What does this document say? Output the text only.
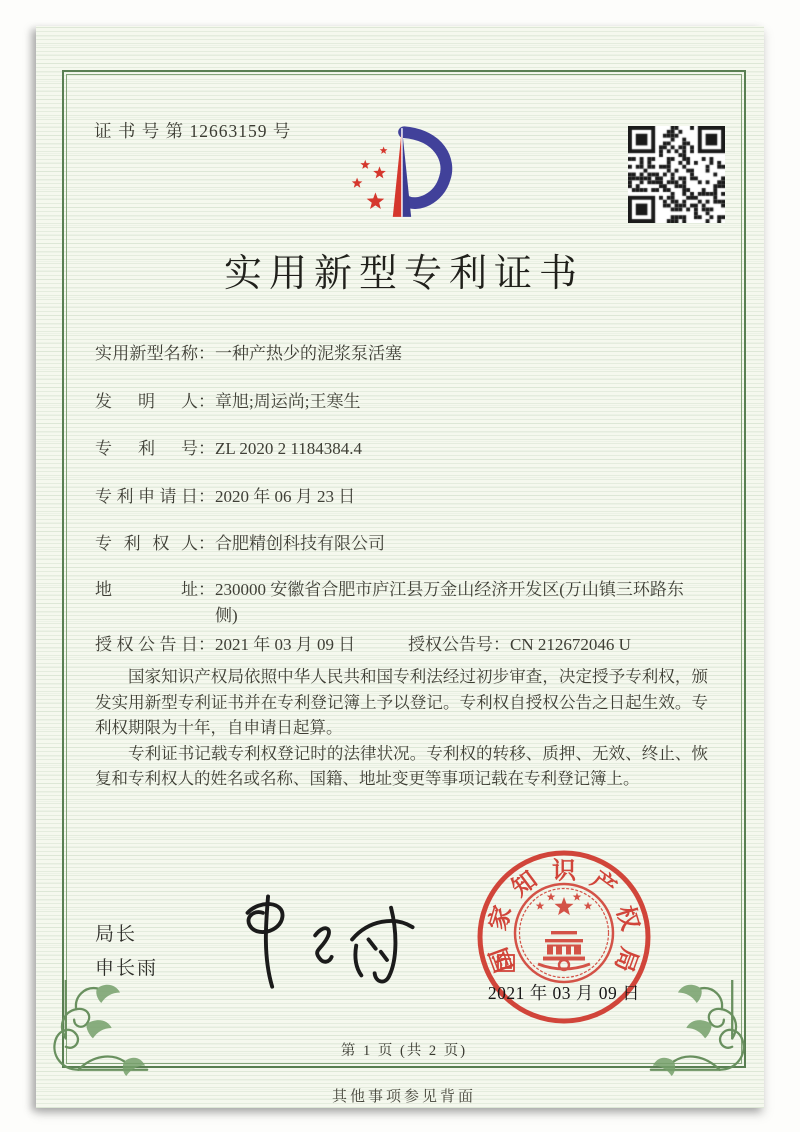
证 书 号 第 12663159 号
实用新型专利证书
实用新型名称 ： 一种产热少的泥浆泵活塞
发明人 ： 章旭;周运尚;王寒生
专利号 ： ZL 2020 2 1184384.4
专利申请日 ： 2020 年 06 月 23 日
专利权人 ： 合肥精创科技有限公司
地址 ： 230000 安徽省合肥市庐江县万金山经济开发区(万山镇三环路东侧)
授权公告日 ： 2021 年 03 月 09 日	授权公告号 ： CN 212672046 U

国家知识产权局依照中华人民共和国专利法经过初步审查，决定授予专利权，颁发实用新型专利证书并在专利登记簿上予以登记。专利权自授权公告之日起生效。专利权期限为十年，自申请日起算。

专利证书记载专利权登记时的法律状况。专利权的转移、质押、无效、终止、恢复和专利权人的姓名或名称、国籍、地址变更等事项记载在专利登记簿上。

局长
申长雨	国
家
知 识 产
权
局
2021 年 03 月 09 日
第 1 页 (共 2 页)
其他事项参见背面
